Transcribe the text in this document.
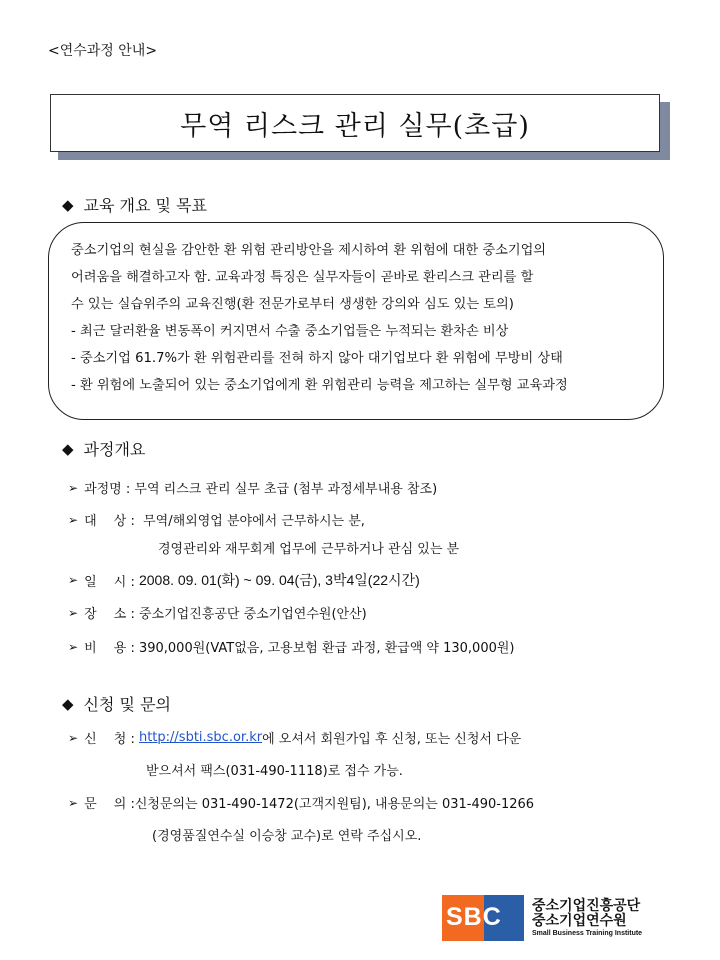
<연수과정 안내>
무역 리스크 관리 실무(초급)
◆ 교육 개요 및 목표

중소기업의 현실을 감안한 환 위험 관리방안을 제시하여 환 위험에 대한 중소기업의

어려움을 해결하고자 함. 교육과정 특징은 실무자들이 곧바로 환리스크 관리를 할

수 있는 실습위주의 교육진행(환 전문가로부터 생생한 강의와 심도 있는 토의)

- 최근 달러환율 변동폭이 커지면서 수출 중소기업들은 누적되는 환차손 비상

- 중소기업 61.7%가 환 위험관리를 전혀 하지 않아 대기업보다 환 위험에 무방비 상태

- 환 위험에 노출되어 있는 중소기업에게 환 위험관리 능력을 제고하는 실무형 교육과정

◆ 과정개요
➢ 과정명 :
무역 리스크 관리 실무 초급 (첨부 과정세부내용 참조)
➢ 대　 상 :
무역/해외영업 분야에서 근무하시는 분,
경영관리와 재무회계 업무에 근무하거나 관심 있는 분
➢ 일　 시 :
2008. 09. 01(화) ~ 09. 04(금), 3박4일(22시간)
➢ 장　 소 :
중소기업진흥공단 중소기업연수원(안산)
➢ 비　 용 :
390,000원(VAT없음, 고용보험 환급 과정, 환급액 약 130,000원)
◆ 신청 및 문의
➢ 신　 청 :
http://sbti.sbc.or.kr 에 오셔서 회원가입 후 신청, 또는 신청서 다운
받으셔서 팩스(031-490-1118)로 접수 가능.
➢ 문　 의 : 신청문의는 031-490-1472(고객지원팀), 내용문의는 031-490-1266
(경영품질연수실 이승창 교수)로 연락 주십시오.
SBC 중소기업진흥공단
중소기업연수원
Small Business Training Institute
